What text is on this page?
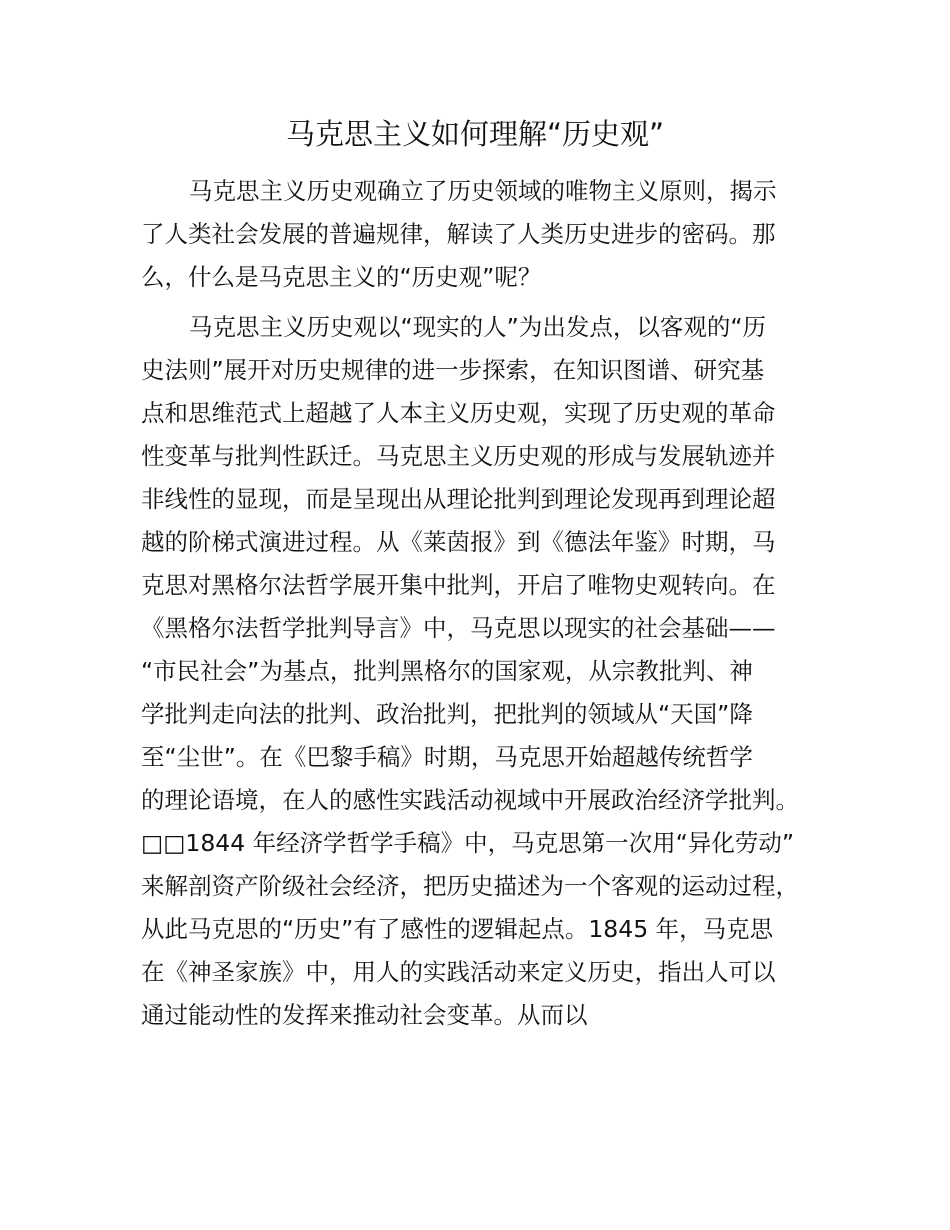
马克思主义如何理解“历史观”

马克思主义历史观确立了历史领域的唯物主义原则，揭示
了人类社会发展的普遍规律，解读了人类历史进步的密码。那
么，什么是马克思主义的“历史观”呢？

马克思主义历史观以“现实的人”为出发点，以客观的“历
史法则”展开对历史规律的进一步探索，在知识图谱、研究基
点和思维范式上超越了人本主义历史观，实现了历史观的革命
性变革与批判性跃迁。马克思主义历史观的形成与发展轨迹并
非线性的显现，而是呈现出从理论批判到理论发现再到理论超
越的阶梯式演进过程。从《莱茵报》到《德法年鉴》时期，马
克思对黑格尔法哲学展开集中批判，开启了唯物史观转向。在
《黑格尔法哲学批判导言》中，马克思以现实的社会基础——
“市民社会”为基点，批判黑格尔的国家观，从宗教批判、神
学批判走向法的批判、政治批判，把批判的领域从“天国”降
至“尘世”。在《巴黎手稿》时期，马克思开始超越传统哲学
的理论语境，在人的感性实践活动视域中开展政治经济学批判。
□□1844 年经济学哲学手稿》中，马克思第一次用“异化劳动”
来解剖资产阶级社会经济，把历史描述为一个客观的运动过程，
从此马克思的“历史”有了感性的逻辑起点。1845 年，马克思
在《神圣家族》中，用人的实践活动来定义历史，指出人可以
通过能动性的发挥来推动社会变革。从而以
